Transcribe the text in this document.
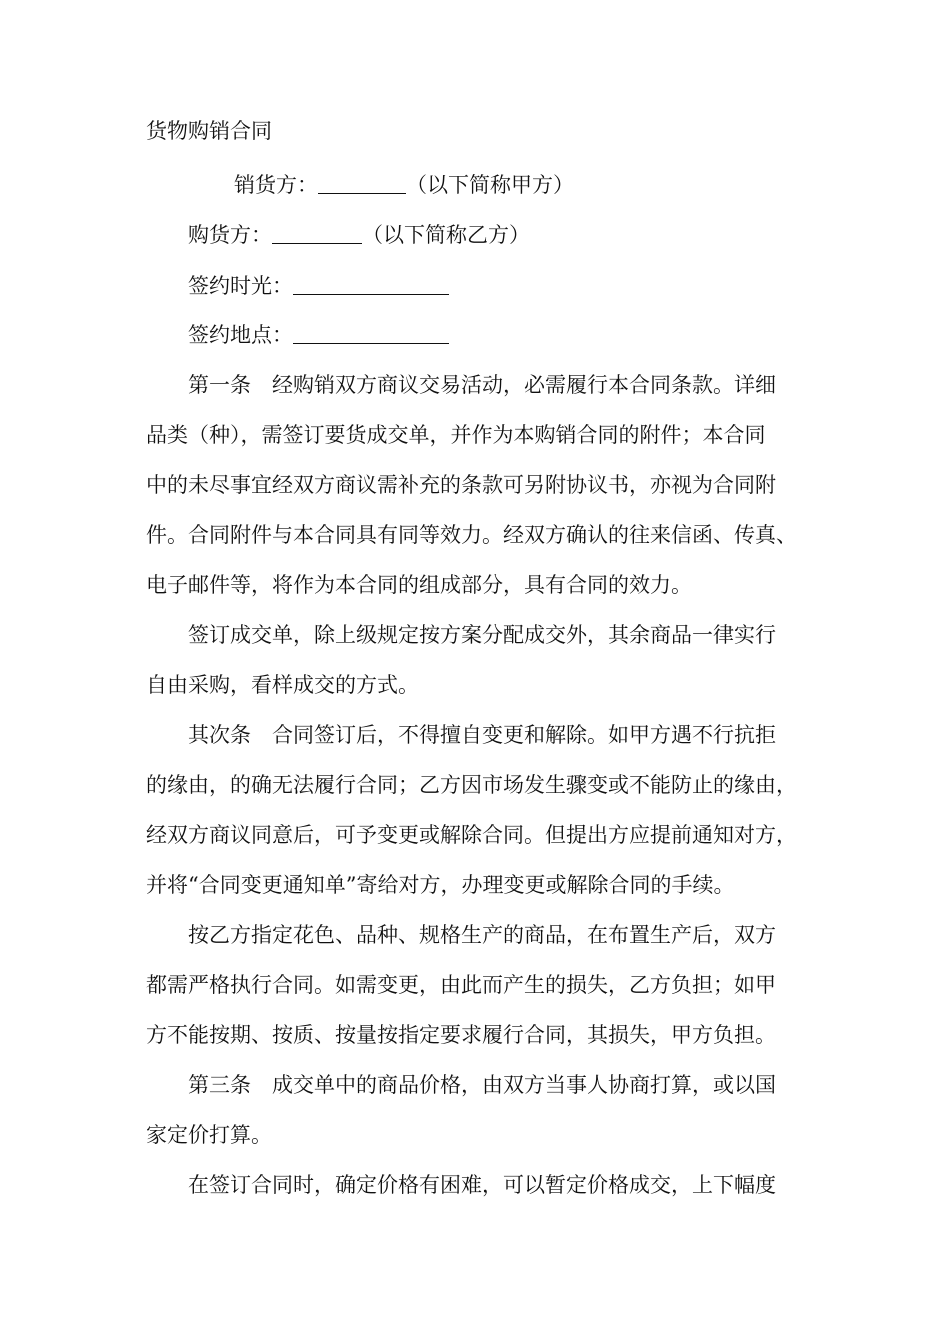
货物购销合同
销货方：	（以下简称甲方）
购货方：	（以下简称乙方）
签约时光：
签约地点：
第一条　经购销双方商议交易活动，必需履行本合同条款。详细
品类（种），需签订要货成交单，并作为本购销合同的附件；本合同
中的未尽事宜经双方商议需补充的条款可另附协议书，亦视为合同附
件。合同附件与本合同具有同等效力。经双方确认的往来信函、传真、
电子邮件等，将作为本合同的组成部分，具有合同的效力。
签订成交单，除上级规定按方案分配成交外，其余商品一律实行
自由采购，看样成交的方式。
其次条　合同签订后，不得擅自变更和解除。如甲方遇不行抗拒
的缘由，的确无法履行合同；乙方因市场发生骤变或不能防止的缘由，
经双方商议同意后，可予变更或解除合同。但提出方应提前通知对方，
并将“合同变更通知单”寄给对方，办理变更或解除合同的手续。
按乙方指定花色、品种、规格生产的商品，在布置生产后，双方
都需严格执行合同。如需变更，由此而产生的损失，乙方负担；如甲
方不能按期、按质、按量按指定要求履行合同，其损失，甲方负担。
第三条　成交单中的商品价格，由双方当事人协商打算，或以国
家定价打算。
在签订合同时，确定价格有困难，可以暂定价格成交，上下幅度
